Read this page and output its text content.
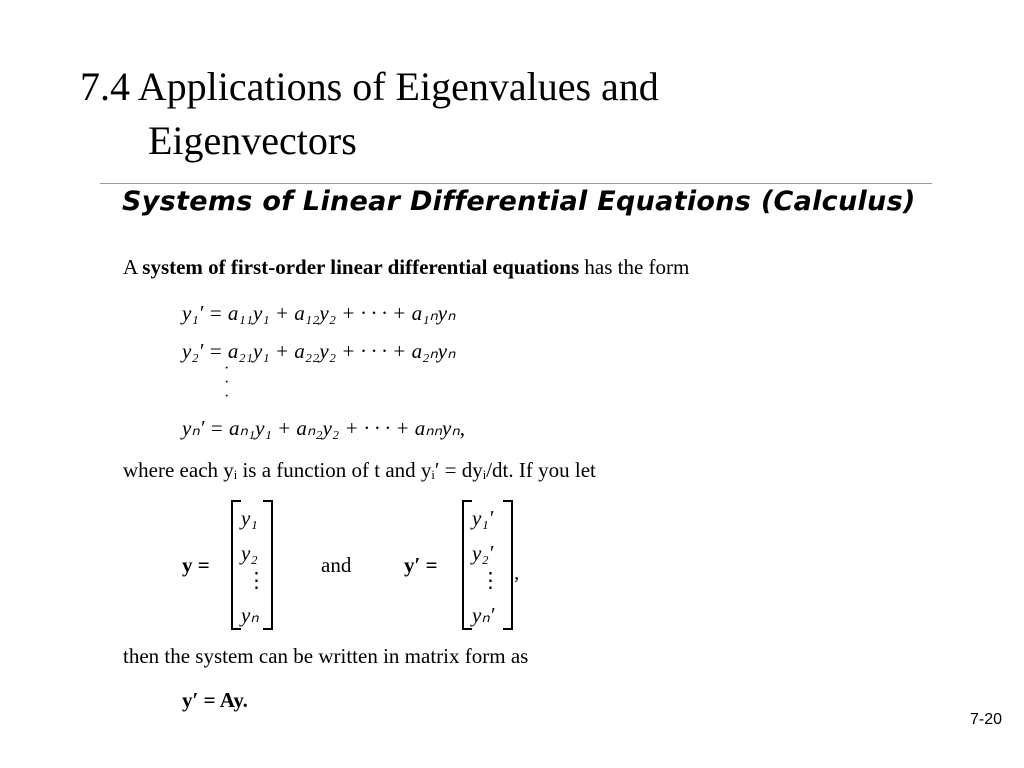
7.4 Applications of Eigenvalues and
Eigenvectors
Systems of Linear Differential Equations (Calculus)
A system of first-order linear differential equations has the form
y₁′ = a₁₁y₁ + a₁₂y₂ + · · · + a₁ₙyₙ
y₂′ = a₂₁y₁ + a₂₂y₂ + · · · + a₂ₙyₙ
·
·
·
yₙ′ = aₙ₁y₁ + aₙ₂y₂ + · · · + aₙₙyₙ,
where each yᵢ is a function of t and yᵢ′ = dyᵢ/dt. If you let
y =
y₁
y₂
⋮
yₙ
and	y′ =
y₁′
y₂′
⋮
yₙ′
,
then the system can be written in matrix form as
y′ = Ay.
7-20
